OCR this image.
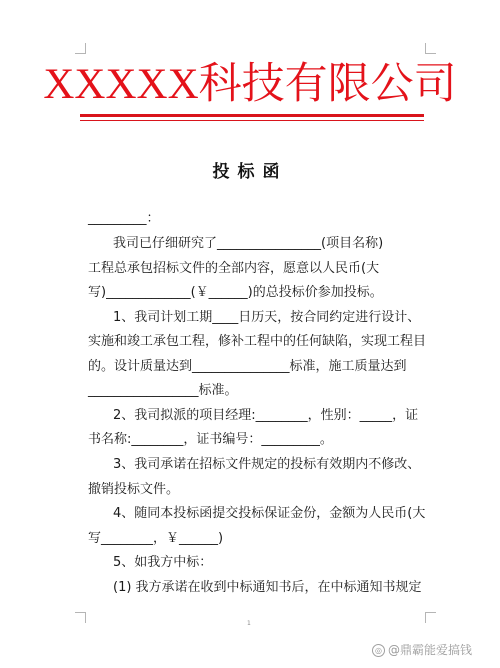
XXXXX科技有限公司
投标函
_________：
我司已仔细研究了________________(项目名称)
工程总承包招标文件的全部内容，愿意以人民币(大
写)_____________(￥______)的总投标价参加投标。
1、我司计划工期____日历天，按合同约定进行设计、
实施和竣工承包工程，修补工程中的任何缺陷，实现工程目
的。设计质量达到_______________标准，施工质量达到
_________________标准。
2、我司拟派的项目经理:________，性别：_____，证
书名称:________，证书编号：_________。
3、我司承诺在招标文件规定的投标有效期内不修改、
撤销投标文件。
4、随同本投标函提交投标保证金份，金额为人民币(大
写________，￥______)
5、如我方中标：
(1) 我方承诺在收到中标通知书后，在中标通知书规定
1
◎ @鼎霸能爱搞钱
